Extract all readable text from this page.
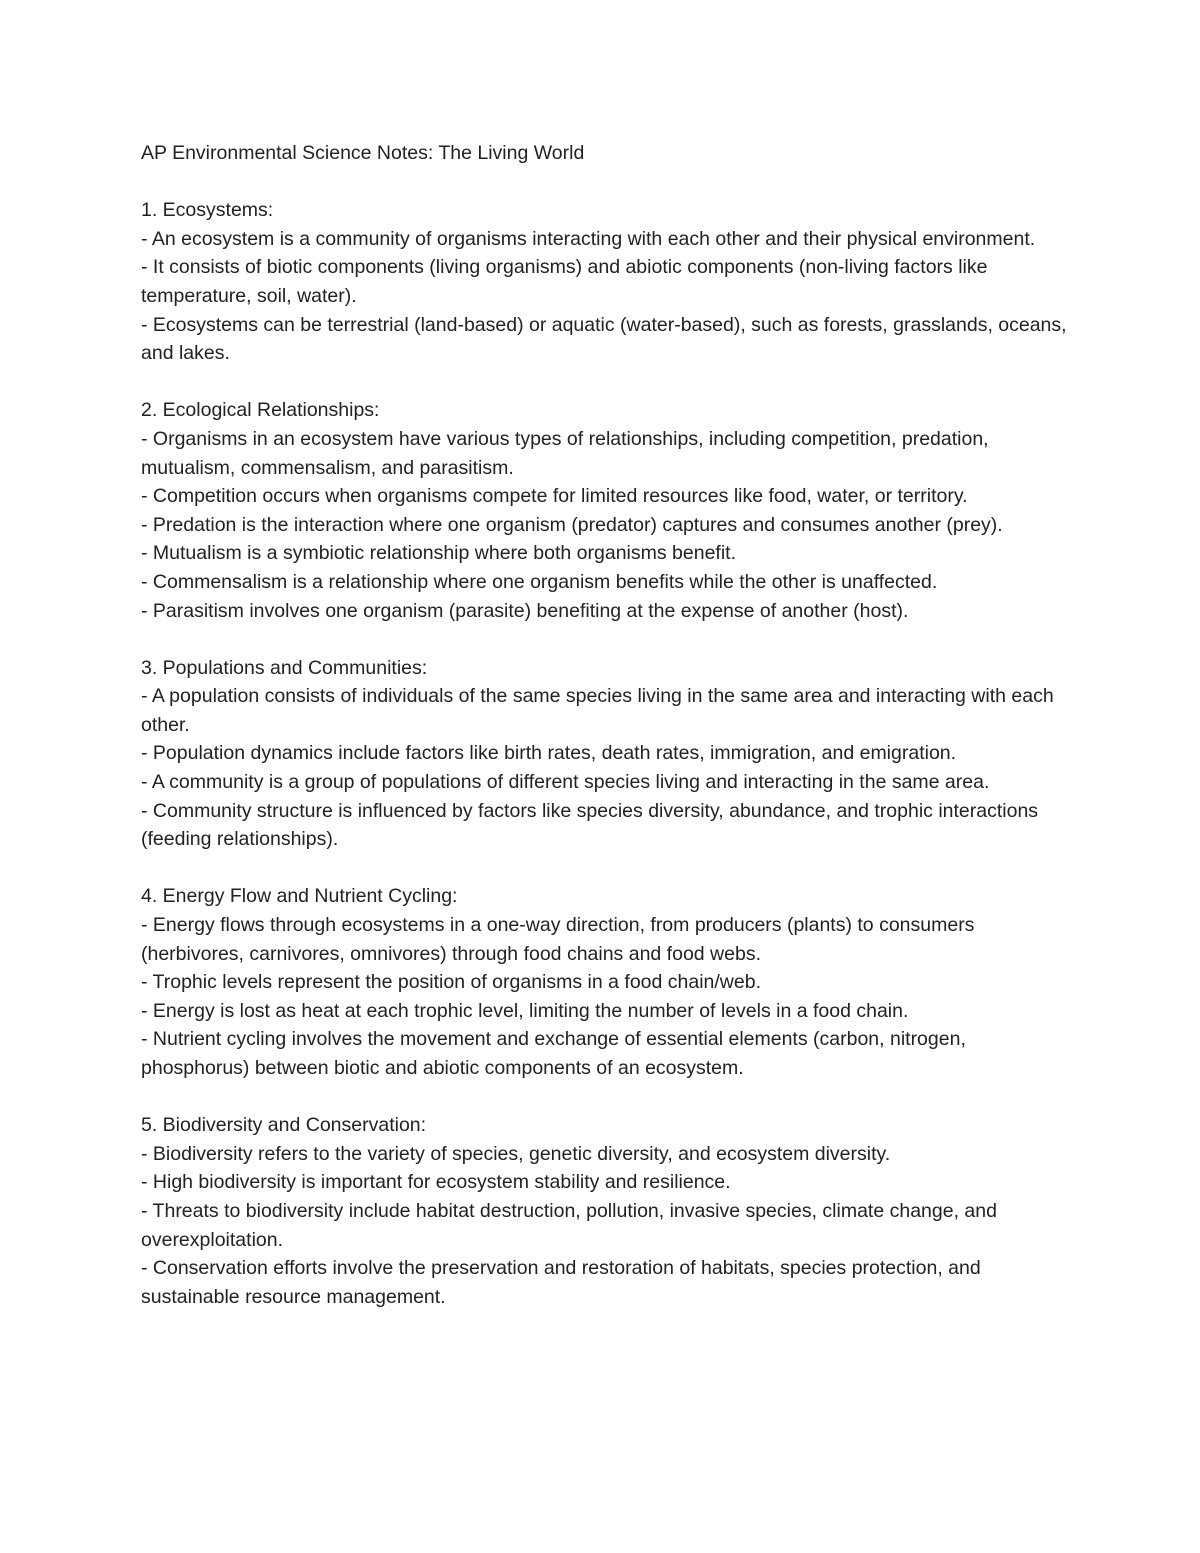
AP Environmental Science Notes: The Living World

1. Ecosystems:

- An ecosystem is a community of organisms interacting with each other and their physical environment.

- It consists of biotic components (living organisms) and abiotic components (non-living factors like temperature, soil, water).

- Ecosystems can be terrestrial (land-based) or aquatic (water-based), such as forests, grasslands, oceans, and lakes.

2. Ecological Relationships:

- Organisms in an ecosystem have various types of relationships, including competition, predation, mutualism, commensalism, and parasitism.

- Competition occurs when organisms compete for limited resources like food, water, or territory.

- Predation is the interaction where one organism (predator) captures and consumes another (prey).

- Mutualism is a symbiotic relationship where both organisms benefit.

- Commensalism is a relationship where one organism benefits while the other is unaffected.

- Parasitism involves one organism (parasite) benefiting at the expense of another (host).

3. Populations and Communities:

- A population consists of individuals of the same species living in the same area and interacting with each other.

- Population dynamics include factors like birth rates, death rates, immigration, and emigration.

- A community is a group of populations of different species living and interacting in the same area.

- Community structure is influenced by factors like species diversity, abundance, and trophic interactions (feeding relationships).

4. Energy Flow and Nutrient Cycling:

- Energy flows through ecosystems in a one-way direction, from producers (plants) to consumers (herbivores, carnivores, omnivores) through food chains and food webs.

- Trophic levels represent the position of organisms in a food chain/web.

- Energy is lost as heat at each trophic level, limiting the number of levels in a food chain.

- Nutrient cycling involves the movement and exchange of essential elements (carbon, nitrogen, phosphorus) between biotic and abiotic components of an ecosystem.

5. Biodiversity and Conservation:

- Biodiversity refers to the variety of species, genetic diversity, and ecosystem diversity.

- High biodiversity is important for ecosystem stability and resilience.

- Threats to biodiversity include habitat destruction, pollution, invasive species, climate change, and overexploitation.

- Conservation efforts involve the preservation and restoration of habitats, species protection, and sustainable resource management.
